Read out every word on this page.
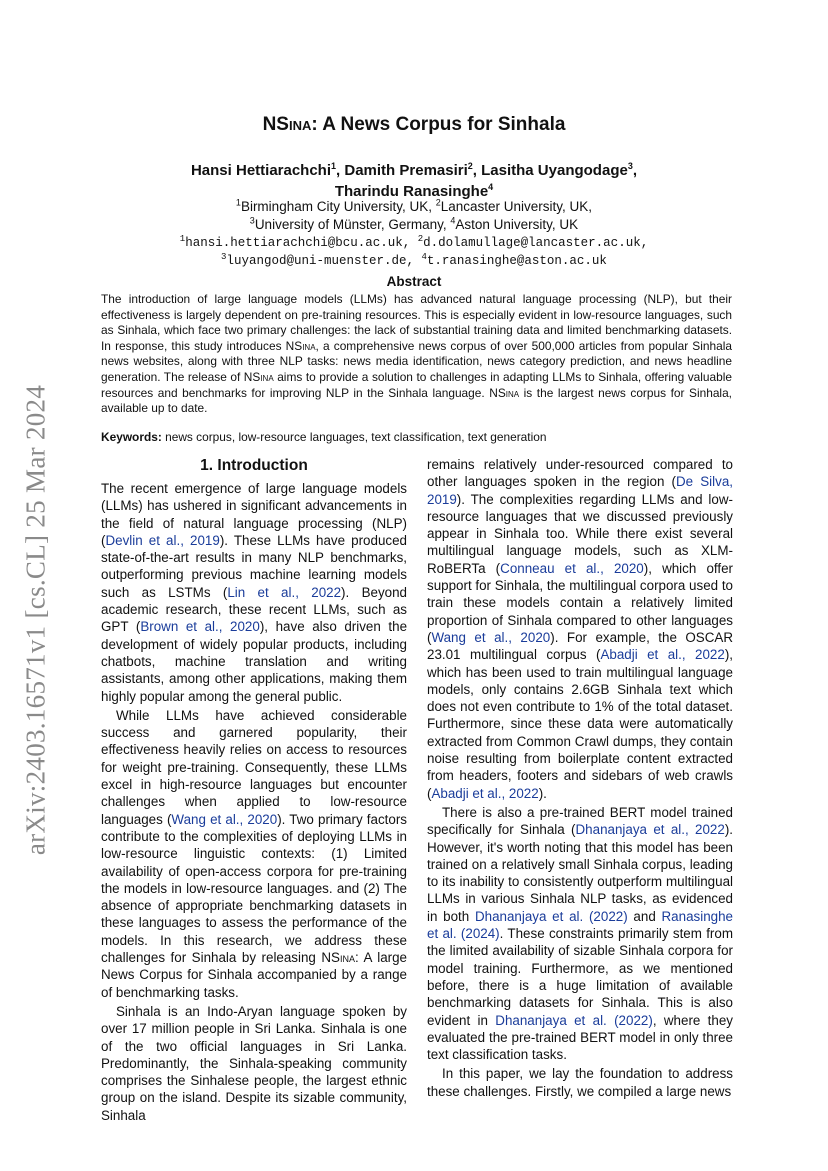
arXiv:2403.16571v1 [cs.CL] 25 Mar 2024
NSina: A News Corpus for Sinhala
Hansi Hettiarachchi$^1$, Damith Premasiri$^2$, Lasitha Uyangodage$^3$,
Tharindu Ranasinghe$^4$
$^1$Birmingham City University, UK, $^2$Lancaster University, UK,
$^3$University of Münster, Germany, $^4$Aston University, UK
$^1$hansi.hettiarachchi@bcu.ac.uk, $^2$d.dolamullage@lancaster.ac.uk,
$^3$luyangod@uni-muenster.de, $^4$t.ranasinghe@aston.ac.uk
Abstract
The introduction of large language models (LLMs) has advanced natural language processing (NLP), but their effectiveness is largely dependent on pre-training resources. This is especially evident in low-resource languages, such as Sinhala, which face two primary challenges: the lack of substantial training data and limited benchmarking datasets. In response, this study introduces NSina, a comprehensive news corpus of over 500,000 articles from popular Sinhala news websites, along with three NLP tasks: news media identification, news category prediction, and news headline generation. The release of NSina aims to provide a solution to challenges in adapting LLMs to Sinhala, offering valuable resources and benchmarks for improving NLP in the Sinhala language. NSina is the largest news corpus for Sinhala, available up to date.
Keywords: news corpus, low-resource languages, text classification, text generation
1. Introduction

The recent emergence of large language models (LLMs) has ushered in significant advancements in the field of natural language processing (NLP) (Devlin et al., 2019). These LLMs have produced state-of-the-art results in many NLP benchmarks, outperforming previous machine learning models such as LSTMs (Lin et al., 2022). Beyond academic research, these recent LLMs, such as GPT (Brown et al., 2020), have also driven the development of widely popular products, including chatbots, machine translation and writing assistants, among other applications, making them highly popular among the general public.

While LLMs have achieved considerable success and garnered popularity, their effectiveness heavily relies on access to resources for weight pre-training. Consequently, these LLMs excel in high-resource languages but encounter challenges when applied to low-resource languages (Wang et al., 2020). Two primary factors contribute to the complexities of deploying LLMs in low-resource linguistic contexts: (1) Limited availability of open-access corpora for pre-training the models in low-resource languages. and (2) The absence of appropriate benchmarking datasets in these languages to assess the performance of the models. In this research, we address these challenges for Sinhala by releasing NSina: A large News Corpus for Sinhala accompanied by a range of benchmarking tasks.

Sinhala is an Indo-Aryan language spoken by over 17 million people in Sri Lanka. Sinhala is one of the two official languages in Sri Lanka. Predominantly, the Sinhala-speaking community comprises the Sinhalese people, the largest ethnic group on the island. Despite its sizable community, Sinhala

remains relatively under-resourced compared to other languages spoken in the region (De Silva, 2019). The complexities regarding LLMs and low-resource languages that we discussed previously appear in Sinhala too. While there exist several multilingual language models, such as XLM-RoBERTa (Conneau et al., 2020), which offer support for Sinhala, the multilingual corpora used to train these models contain a relatively limited proportion of Sinhala compared to other languages (Wang et al., 2020). For example, the OSCAR 23.01 multilingual corpus (Abadji et al., 2022), which has been used to train multilingual language models, only contains 2.6GB Sinhala text which does not even contribute to 1% of the total dataset. Furthermore, since these data were automatically extracted from Common Crawl dumps, they contain noise resulting from boilerplate content extracted from headers, footers and sidebars of web crawls (Abadji et al., 2022).

There is also a pre-trained BERT model trained specifically for Sinhala (Dhananjaya et al., 2022). However, it's worth noting that this model has been trained on a relatively small Sinhala corpus, leading to its inability to consistently outperform multilingual LLMs in various Sinhala NLP tasks, as evidenced in both Dhananjaya et al. (2022) and Ranasinghe et al. (2024). These constraints primarily stem from the limited availability of sizable Sinhala corpora for model training. Furthermore, as we mentioned before, there is a huge limitation of available benchmarking datasets for Sinhala. This is also evident in Dhananjaya et al. (2022), where they evaluated the pre-trained BERT model in only three text classification tasks.

In this paper, we lay the foundation to address these challenges. Firstly, we compiled a large news
